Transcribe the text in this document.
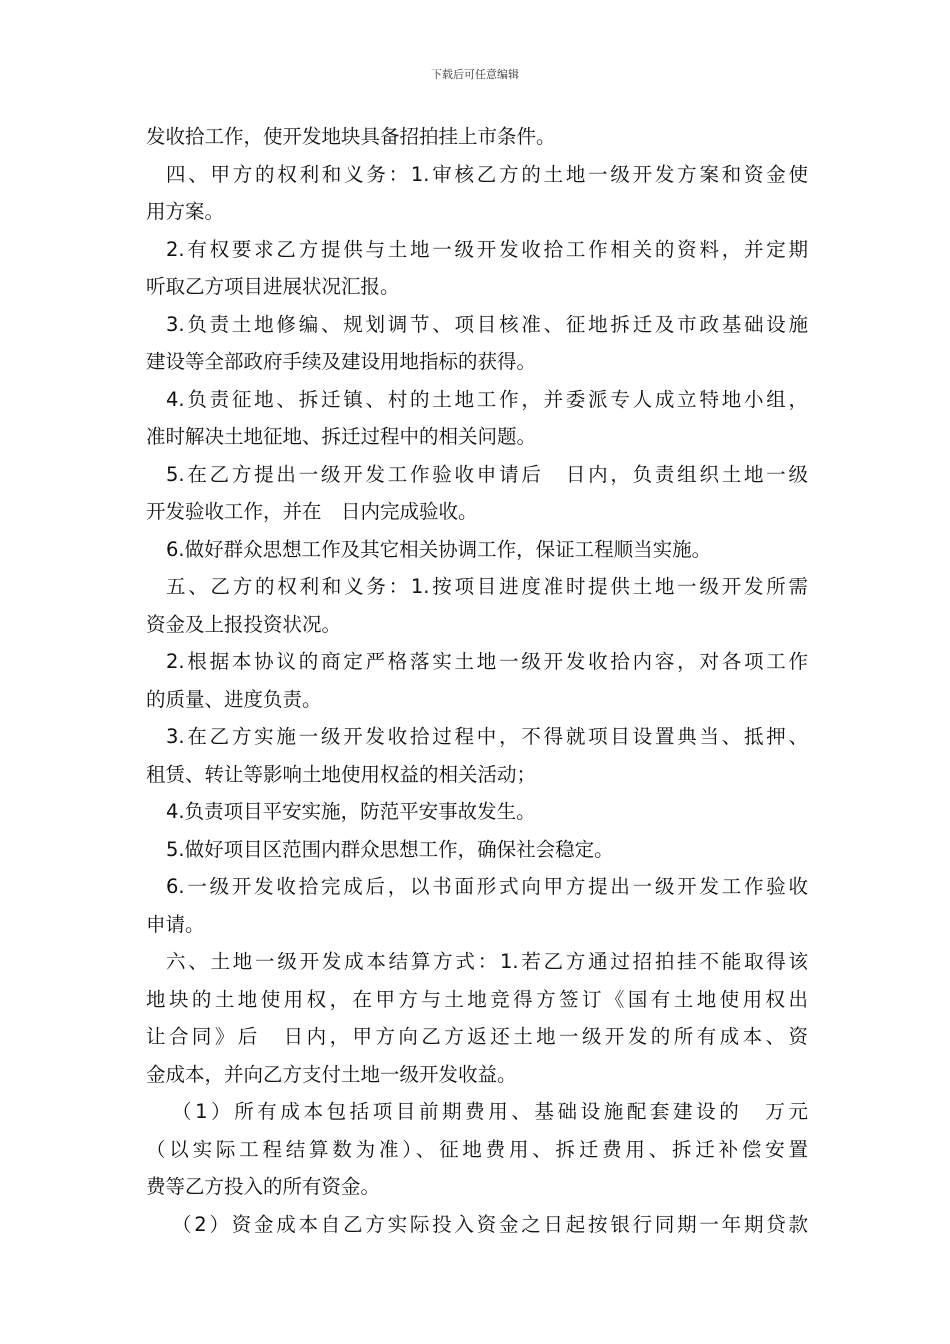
下载后可任意编辑
发收拾工作，使开发地块具备招拍挂上市条件。
四、甲方的权利和义务：1.审核乙方的土地一级开发方案和资金使
用方案。
2.有权要求乙方提供与土地一级开发收拾工作相关的资料，并定期
听取乙方项目进展状况汇报。
3.负责土地修编、规划调节、项目核准、征地拆迁及市政基础设施
建设等全部政府手续及建设用地指标的获得。
4.负责征地、拆迁镇、村的土地工作，并委派专人成立特地小组，
准时解决土地征地、拆迁过程中的相关问题。
5.在乙方提出一级开发工作验收申请后　日内，负责组织土地一级
开发验收工作，并在　日内完成验收。
6.做好群众思想工作及其它相关协调工作，保证工程顺当实施。
五、乙方的权利和义务：1.按项目进度准时提供土地一级开发所需
资金及上报投资状况。
2.根据本协议的商定严格落实土地一级开发收拾内容，对各项工作
的质量、进度负责。
3.在乙方实施一级开发收拾过程中，不得就项目设置典当、抵押、
租赁、转让等影响土地使用权益的相关活动；
4.负责项目平安实施，防范平安事故发生。
5.做好项目区范围内群众思想工作，确保社会稳定。
6.一级开发收拾完成后，以书面形式向甲方提出一级开发工作验收
申请。
六、土地一级开发成本结算方式：1.若乙方通过招拍挂不能取得该
地块的土地使用权，在甲方与土地竞得方签订《国有土地使用权出
让合同》后　日内，甲方向乙方返还土地一级开发的所有成本、资
金成本，并向乙方支付土地一级开发收益。
（1）所有成本包括项目前期费用、基础设施配套建设的　万元
（以实际工程结算数为准）、征地费用、拆迁费用、拆迁补偿安置
费等乙方投入的所有资金。
（2）资金成本自乙方实际投入资金之日起按银行同期一年期贷款
